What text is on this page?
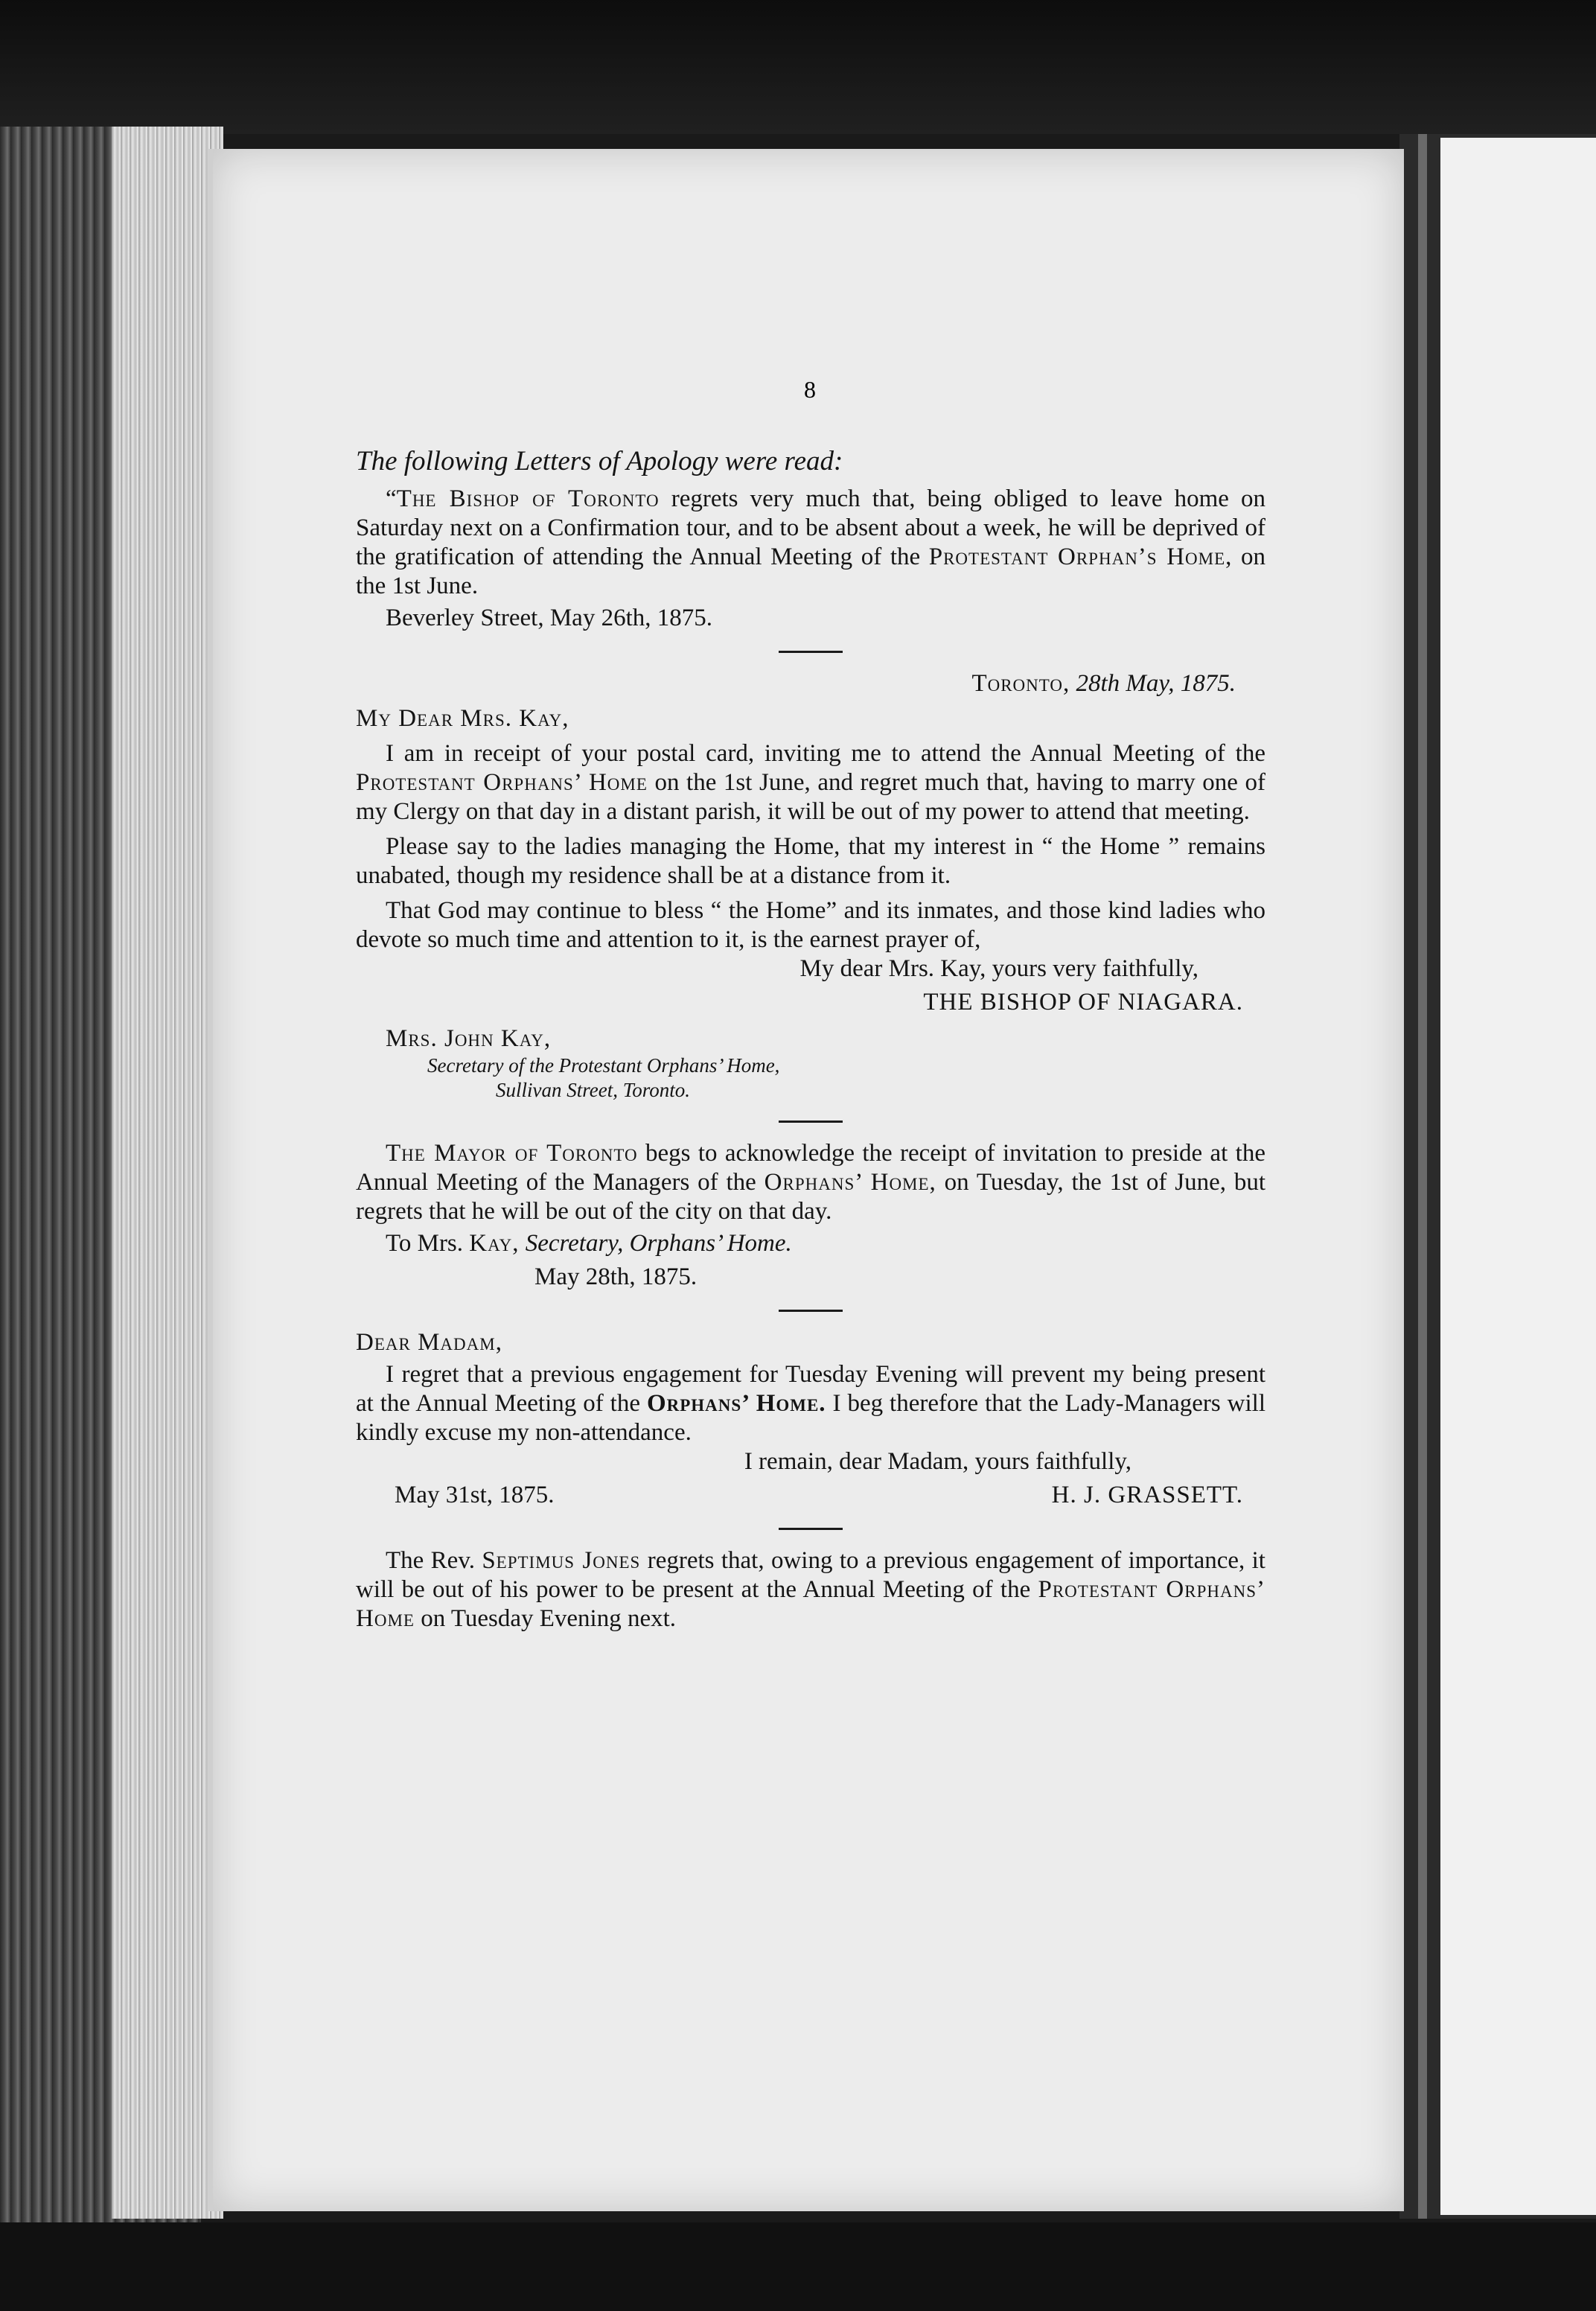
8
The following Letters of Apology were read:

“The Bishop of Toronto regrets very much that, being obliged to leave home on Saturday next on a Confirmation tour, and to be absent about a week, he will be deprived of the gratification of attending the Annual Meeting of the Protestant Orphan’s Home, on the 1st June.

Beverley Street, May 26th, 1875.

Toronto, 28th May, 1875.

My Dear Mrs. Kay,

I am in receipt of your postal card, inviting me to attend the Annual Meeting of the Protestant Orphans’ Home on the 1st June, and regret much that, having to marry one of my Clergy on that day in a distant parish, it will be out of my power to attend that meeting.

Please say to the ladies managing the Home, that my interest in “ the Home ” remains unabated, though my residence shall be at a distance from it.

That God may continue to bless “ the Home” and its inmates, and those kind ladies who devote so much time and attention to it, is the earnest prayer of,

My dear Mrs. Kay, yours very faithfully,

THE BISHOP OF NIAGARA.

Mrs. John Kay,

Secretary of the Protestant Orphans’ Home,

Sullivan Street, Toronto.

The Mayor of Toronto begs to acknowledge the receipt of invitation to preside at the Annual Meeting of the Managers of the Orphans’ Home, on Tuesday, the 1st of June, but regrets that he will be out of the city on that day.

To Mrs. Kay, Secretary, Orphans’ Home.

May 28th, 1875.

Dear Madam,

I regret that a previous engagement for Tuesday Evening will prevent my being present at the Annual Meeting of the Orphans’ Home. I beg therefore that the Lady-Managers will kindly excuse my non-attendance.

I remain, dear Madam, yours faithfully,

May 31st, 1875.	H. J. GRASSETT.

The Rev. Septimus Jones regrets that, owing to a previous engagement of importance, it will be out of his power to be present at the Annual Meeting of the Protestant Orphans’ Home on Tuesday Evening next.
